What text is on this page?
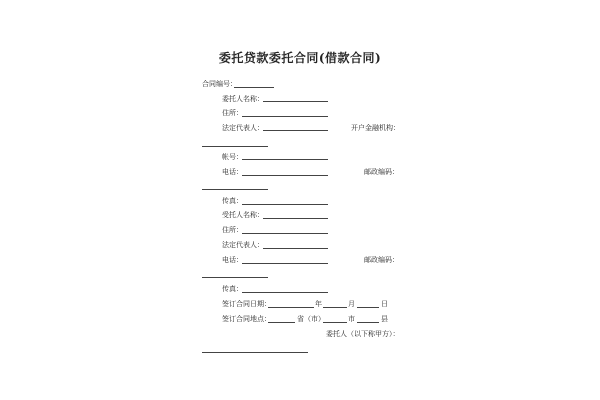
委托贷款委托合同(借款合同)
合同编号：
委托人名称：
住所：
法定代表人：	开户金融机构：
帐号：
电话：	邮政编码：
传真：
受托人名称：
住所：
法定代表人：
电话：	邮政编码：
传真：
签订合同日期：	年	月	日
签订合同地点：	省（市）	市	县
委托人（以下称甲方）：
